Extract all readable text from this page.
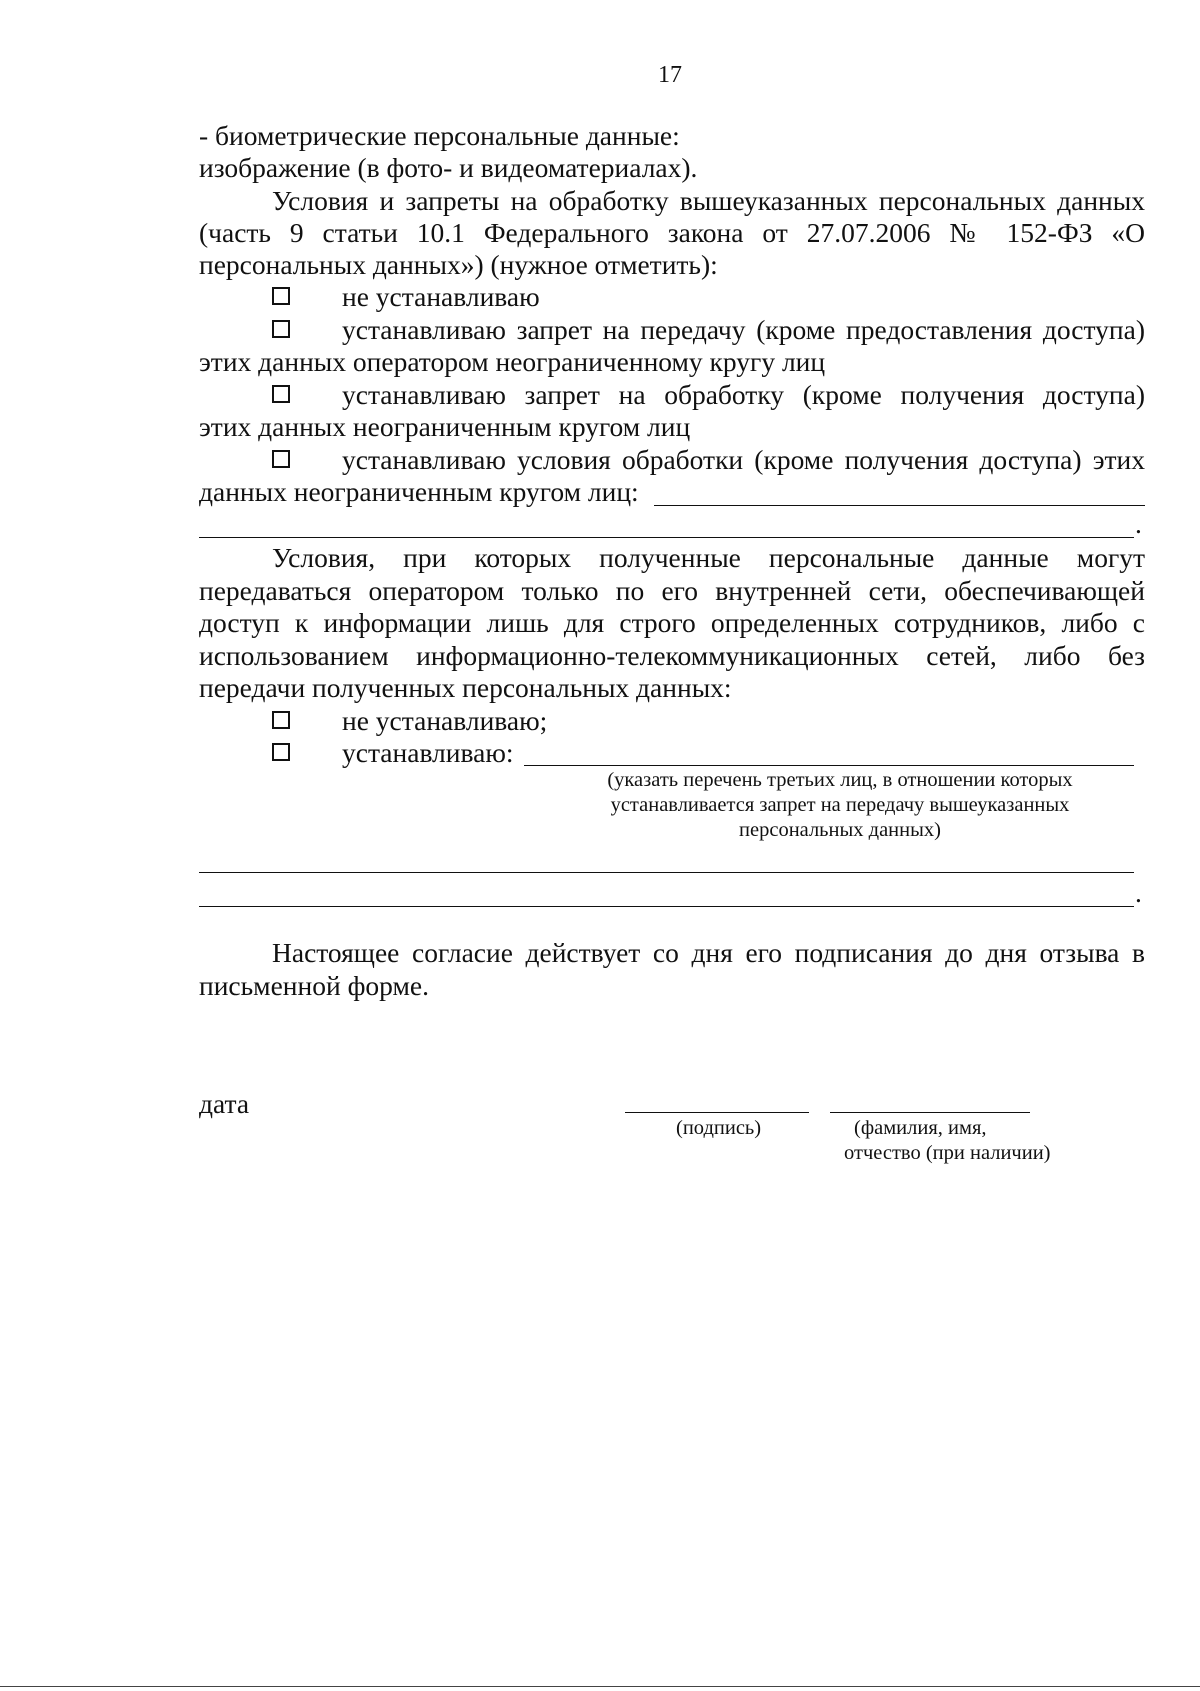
17
- биометрические персональные данные:
изображение (в фото- и видеоматериалах).
Условия и запреты на обработку вышеуказанных персональных данных
(часть 9 статьи 10.1 Федерального закона от 27.07.2006 № 152-ФЗ «О
персональных данных») (нужное отметить):
не устанавливаю
устанавливаю запрет на передачу (кроме предоставления доступа)
этих данных оператором неограниченному кругу лиц
устанавливаю запрет на обработку (кроме получения доступа)
этих данных неограниченным кругом лиц
устанавливаю условия обработки (кроме получения доступа) этих
данных неограниченным кругом лиц:
.
Условия, при которых полученные персональные данные могут
передаваться оператором только по его внутренней сети, обеспечивающей
доступ к информации лишь для строго определенных сотрудников, либо с
использованием информационно-телекоммуникационных сетей, либо без
передачи полученных персональных данных:
не устанавливаю;
устанавливаю:
(указать перечень третьих лиц, в отношении которых
устанавливается запрет на передачу вышеуказанных
персональных данных)
.
Настоящее согласие действует со дня его подписания до дня отзыва в
письменной форме.
дата
(подпись)	(фамилия, имя,
отчество (при наличии)
